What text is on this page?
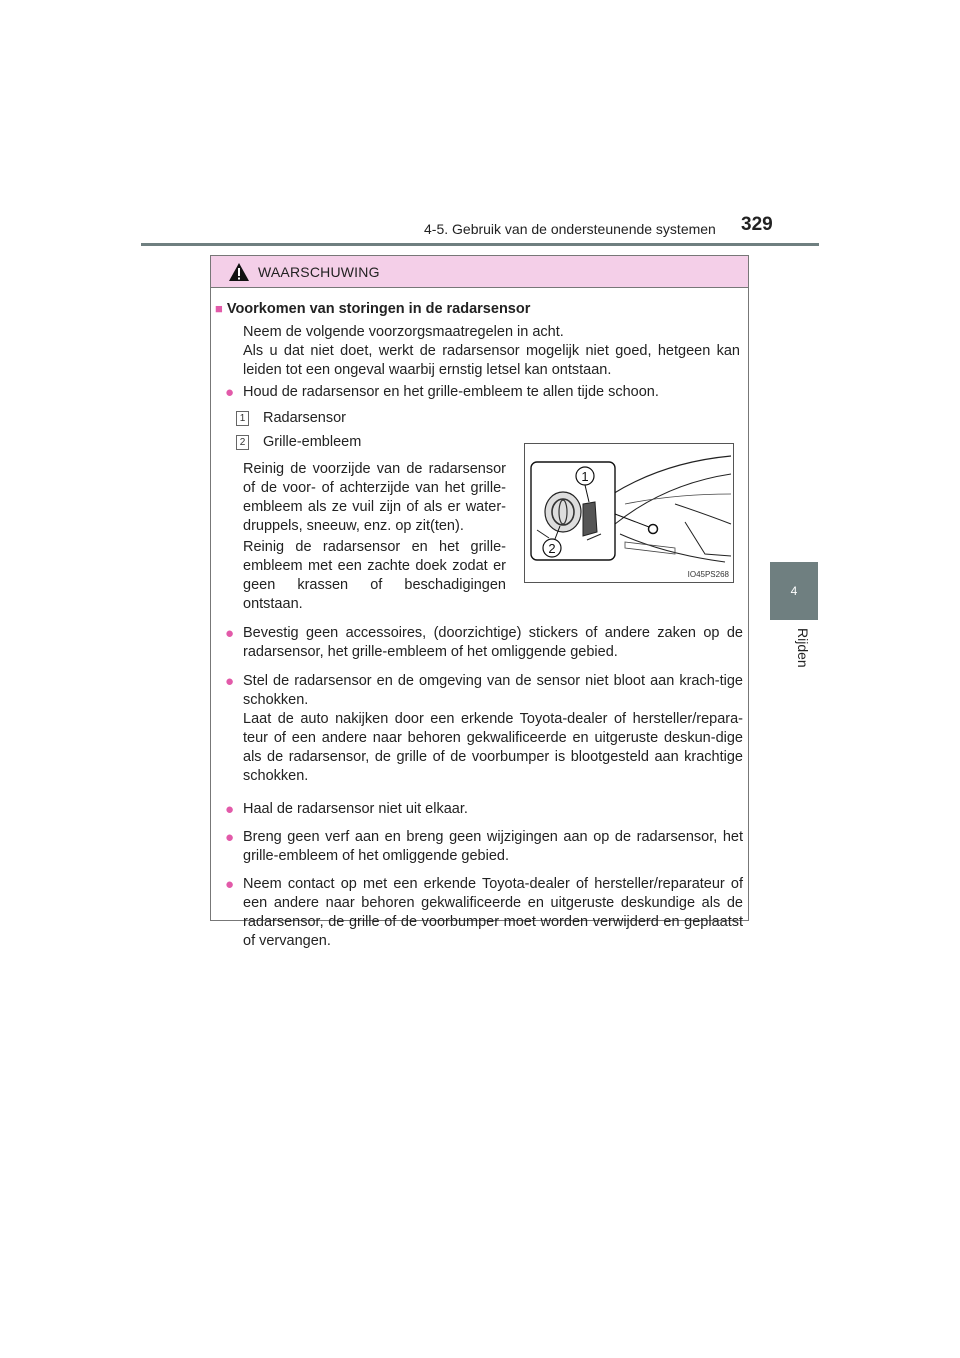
4-5. Gebruik van de ondersteunende systemen 329
4
Rijden
WAARSCHUWING
■ Voorkomen van storingen in de radarsensor
Neem de volgende voorzorgsmaatregelen in acht.
Als u dat niet doet, werkt de radarsensor mogelijk niet goed, hetgeen kan leiden tot een ongeval waarbij ernstig letsel kan ontstaan.
● Houd de radarsensor en het grille-embleem te allen tijde schoon.
1 Radarsensor
2 Grille-embleem
Reinig de voorzijde van de radarsensor of de voor- of achterzijde van het grille-embleem als ze vuil zijn of als er water-druppels, sneeuw, enz. op zit(ten).
Reinig de radarsensor en het grille-embleem met een zachte doek zodat er geen krassen of beschadigingen ontstaan.
1
2
IO45PS268
● Bevestig geen accessoires, (doorzichtige) stickers of andere zaken op de radarsensor, het grille-embleem of het omliggende gebied.
● Stel de radarsensor en de omgeving van de sensor niet bloot aan krach-tige schokken.
Laat de auto nakijken door een erkende Toyota-dealer of hersteller/repara-teur of een andere naar behoren gekwalificeerde en uitgeruste deskun-dige als de radarsensor, de grille of de voorbumper is blootgesteld aan krachtige schokken.
● Haal de radarsensor niet uit elkaar.
● Breng geen verf aan en breng geen wijzigingen aan op de radarsensor, het grille-embleem of het omliggende gebied.
● Neem contact op met een erkende Toyota-dealer of hersteller/reparateur of een andere naar behoren gekwalificeerde en uitgeruste deskundige als de radarsensor, de grille of de voorbumper moet worden verwijderd en geplaatst of vervangen.
